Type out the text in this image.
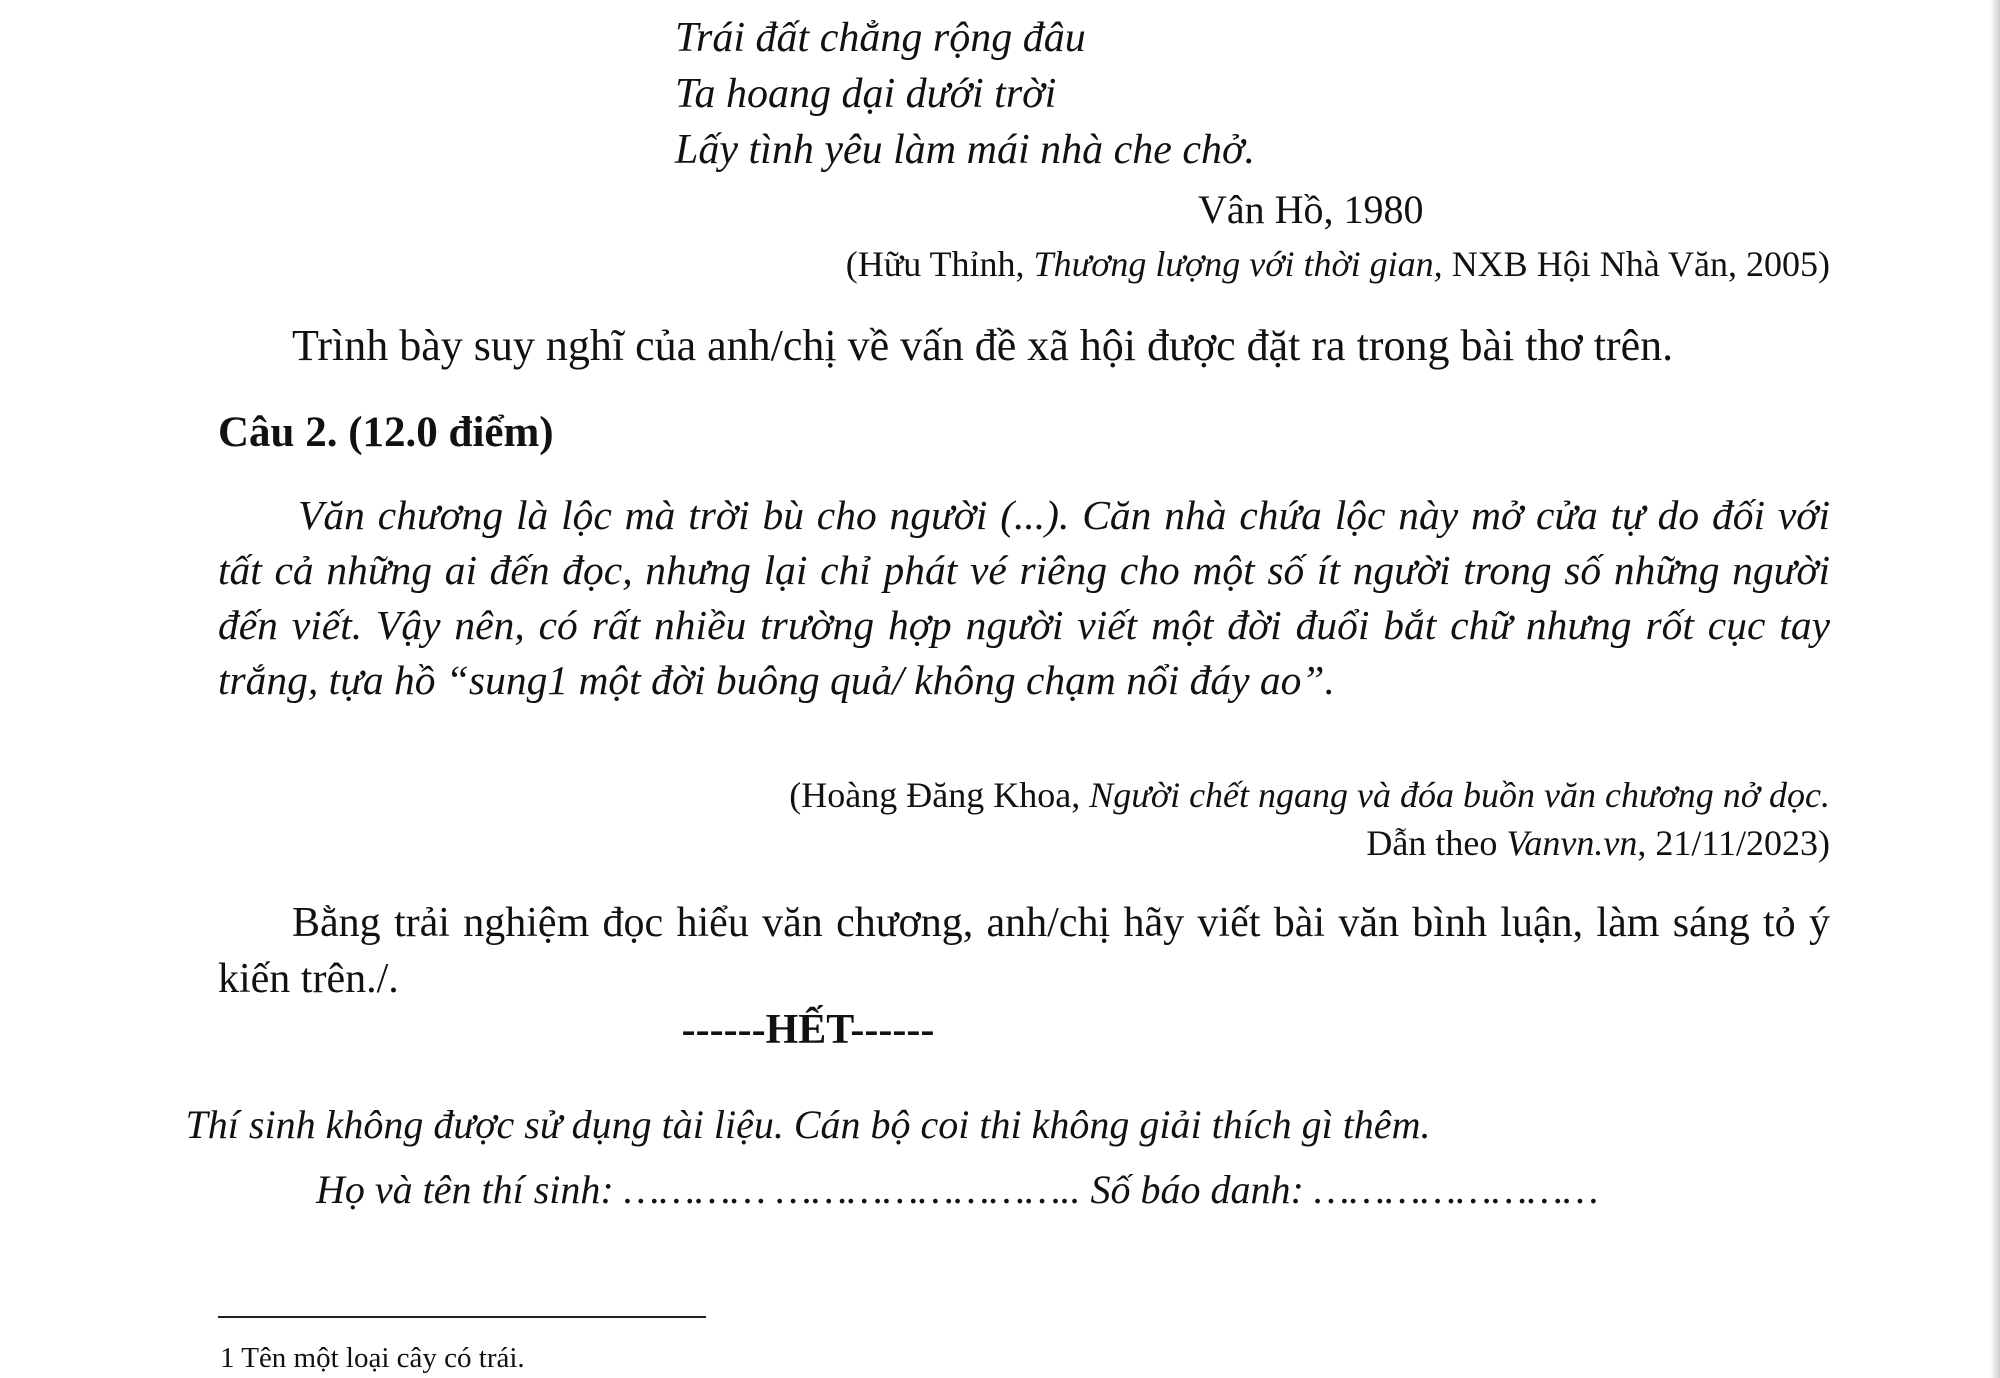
Trái đất chẳng rộng đâu
Ta hoang dại dưới trời
Lấy tình yêu làm mái nhà che chở.
Vân Hồ, 1980
(Hữu Thỉnh, Thương lượng với thời gian, NXB Hội Nhà Văn, 2005)
Trình bày suy nghĩ của anh/chị về vấn đề xã hội được đặt ra trong bài thơ trên.
Câu 2. (12.0 điểm)
Văn chương là lộc mà trời bù cho người (...). Căn nhà chứa lộc này mở cửa tự do đối với tất cả những ai đến đọc, nhưng lại chỉ phát vé riêng cho một số ít người trong số những người đến viết. Vậy nên, có rất nhiều trường hợp người viết một đời đuổi bắt chữ nhưng rốt cục tay trắng, tựa hồ “sung1 một đời buông quả/ không chạm nổi đáy ao”.
(Hoàng Đăng Khoa, Người chết ngang và đóa buồn văn chương nở dọc.
Dẫn theo Vanvn.vn, 21/11/2023)
Bằng trải nghiệm đọc hiểu văn chương, anh/chị hãy viết bài văn bình luận, làm sáng tỏ ý kiến trên./.
------HẾT------
Thí sinh không được sử dụng tài liệu. Cán bộ coi thi không giải thích gì thêm.
Họ và tên thí sinh: ………… …………………….. Số báo danh: ……………………
1 Tên một loại cây có trái.
